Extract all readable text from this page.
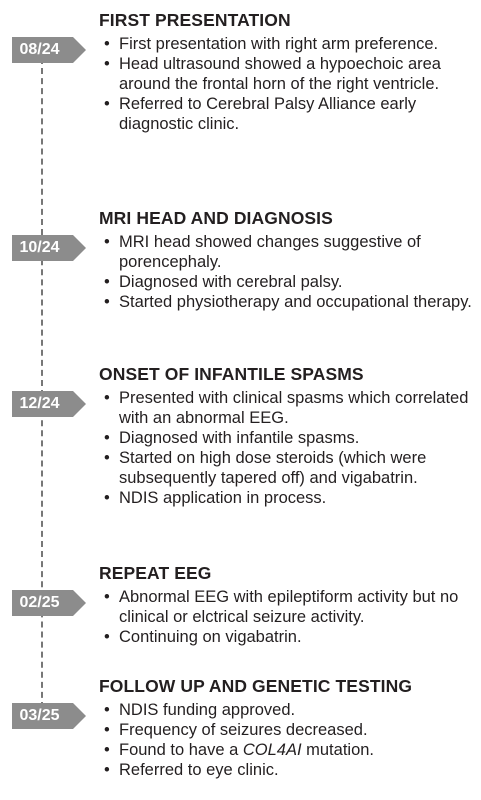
08/24
FIRST PRESENTATION
• First presentation with right arm preference.
• Head ultrasound showed a hypoechoic area around the frontal horn of the right ventricle.
• Referred to Cerebral Palsy Alliance early diagnostic clinic.
10/24
MRI HEAD AND DIAGNOSIS
• MRI head showed changes suggestive of porencephaly.
• Diagnosed with cerebral palsy.
• Started physiotherapy and occupational therapy.
12/24
ONSET OF INFANTILE SPASMS
• Presented with clinical spasms which correlated with an abnormal EEG.
• Diagnosed with infantile spasms.
• Started on high dose steroids (which were subsequently tapered off) and vigabatrin.
• NDIS application in process.
02/25
REPEAT EEG
• Abnormal EEG with epileptiform activity but no clinical or elctrical seizure activity.
• Continuing on vigabatrin.
03/25
FOLLOW UP AND GENETIC TESTING
• NDIS funding approved.
• Frequency of seizures decreased.
• Found to have a COL4AI mutation.
• Referred to eye clinic.
